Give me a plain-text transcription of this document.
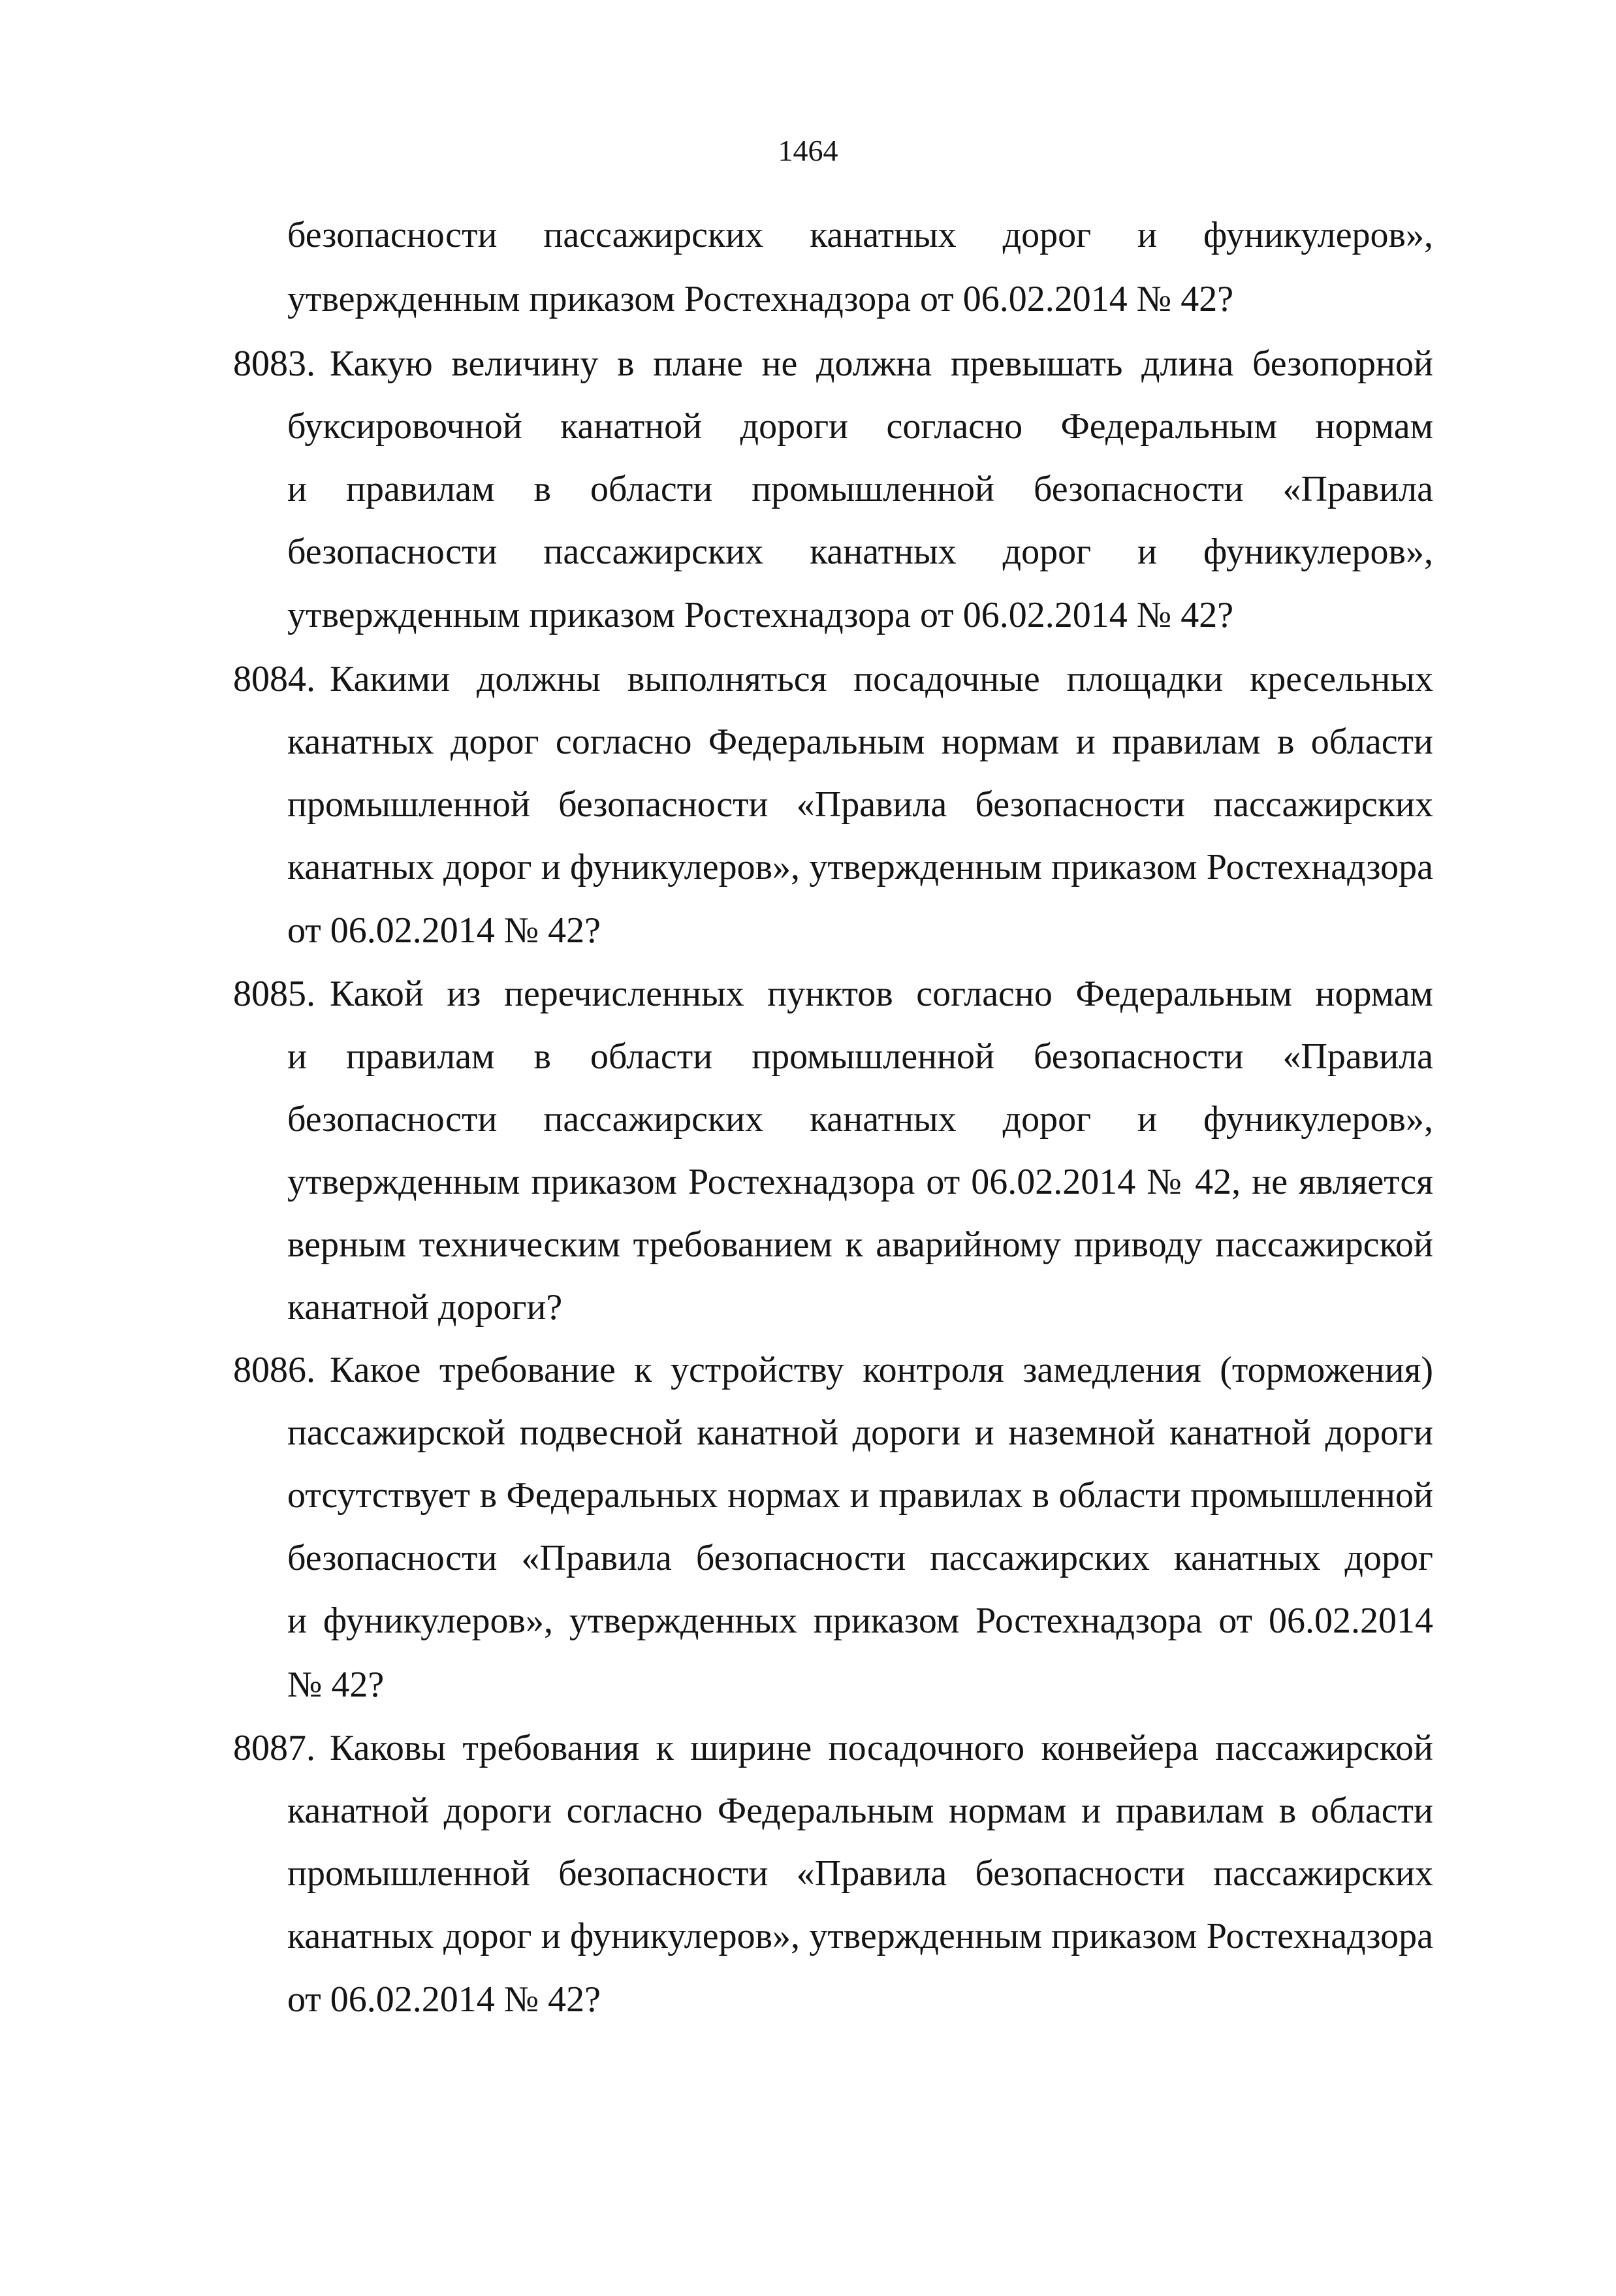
1464
безопасности пассажирских канатных дорог и фуникулеров»,
утвержденным приказом Ростехнадзора от 06.02.2014 № 42?
8083. Какую величину в плане не должна превышать длина безопорной
буксировочной канатной дороги согласно Федеральным нормам
и правилам в области промышленной безопасности «Правила
безопасности пассажирских канатных дорог и фуникулеров»,
утвержденным приказом Ростехнадзора от 06.02.2014 № 42?
8084. Какими должны выполняться посадочные площадки кресельных
канатных дорог согласно Федеральным нормам и правилам в области
промышленной безопасности «Правила безопасности пассажирских
канатных дорог и фуникулеров», утвержденным приказом Ростехнадзора
от 06.02.2014 № 42?
8085. Какой из перечисленных пунктов согласно Федеральным нормам
и правилам в области промышленной безопасности «Правила
безопасности пассажирских канатных дорог и фуникулеров»,
утвержденным приказом Ростехнадзора от 06.02.2014 № 42, не является
верным техническим требованием к аварийному приводу пассажирской
канатной дороги?
8086. Какое требование к устройству контроля замедления (торможения)
пассажирской подвесной канатной дороги и наземной канатной дороги
отсутствует в Федеральных нормах и правилах в области промышленной
безопасности «Правила безопасности пассажирских канатных дорог
и фуникулеров», утвержденных приказом Ростехнадзора от 06.02.2014
№ 42?
8087. Каковы требования к ширине посадочного конвейера пассажирской
канатной дороги согласно Федеральным нормам и правилам в области
промышленной безопасности «Правила безопасности пассажирских
канатных дорог и фуникулеров», утвержденным приказом Ростехнадзора
от 06.02.2014 № 42?
